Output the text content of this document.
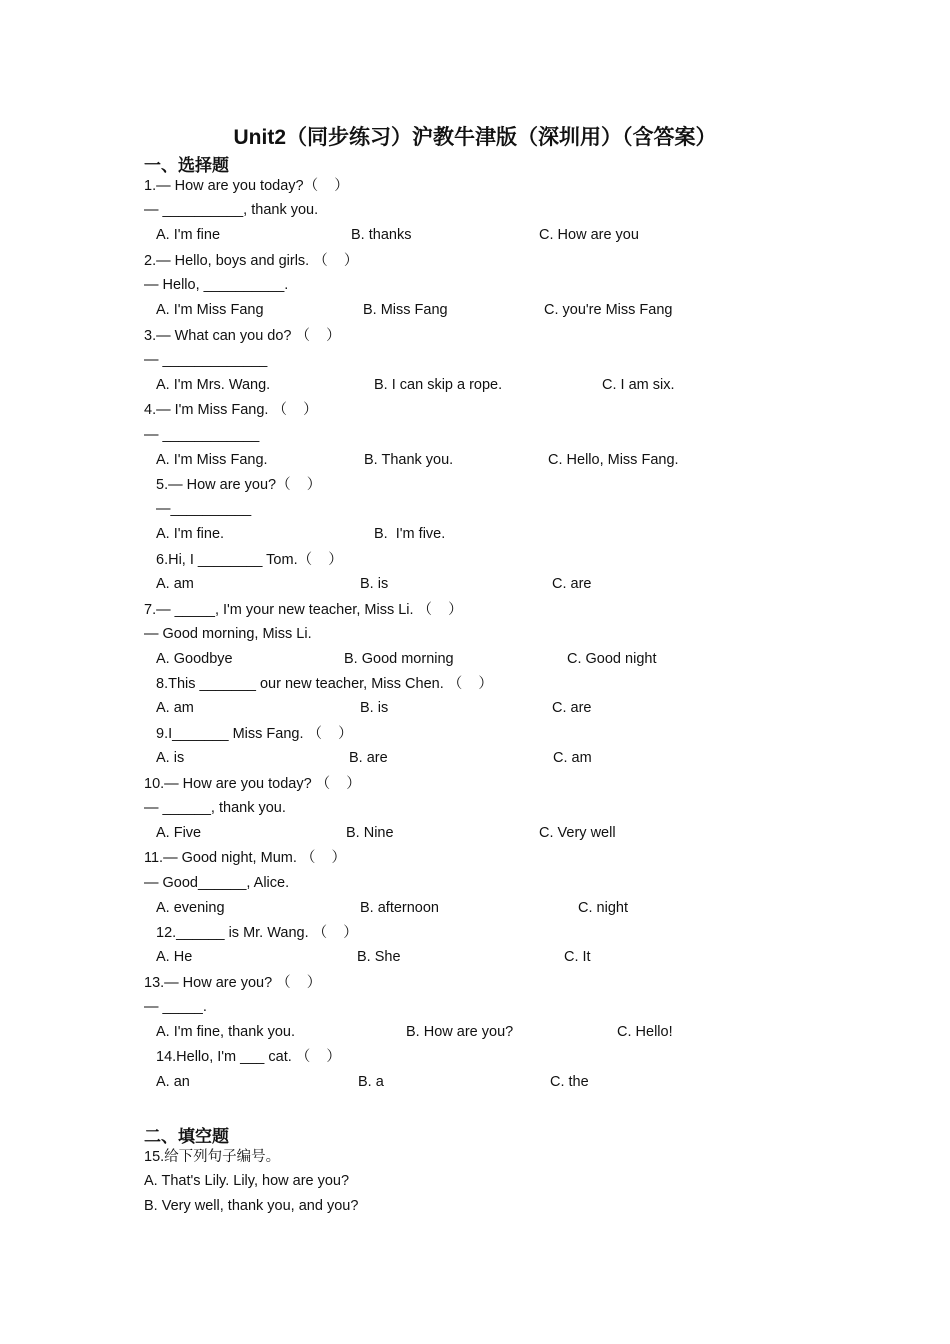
Unit2（同步练习）沪教牛津版（深圳用）（含答案）
一、选择题
1.— How are you today?（    ）
— __________, thank you.
A. I'm fine	B. thanks	C. How are you
2.— Hello, boys and girls. （    ）
— Hello, __________.
A. I'm Miss Fang	B. Miss Fang	C. you're Miss Fang
3.— What can you do? （    ）
— _____________
A. I'm Mrs. Wang.	B. I can skip a rope.	C. I am six.
4.— I'm Miss Fang. （    ）
— ____________
A. I'm Miss Fang.	B. Thank you.	C. Hello, Miss Fang.
5.— How are you?（    ）
—__________
A. I'm fine.	B.  I'm five.
6.Hi, I ________ Tom.（    ）
A. am	B. is	C. are
7.— _____, I'm your new teacher, Miss Li. （    ）
— Good morning, Miss Li.
A. Goodbye	B. Good morning	C. Good night
8.This _______ our new teacher, Miss Chen. （    ）
A. am	B. is	C. are
9.I_______ Miss Fang. （    ）
A. is	B. are	C. am
10.— How are you today? （    ）
— ______, thank you.
A. Five	B. Nine	C. Very well
11.— Good night, Mum. （    ）
— Good______, Alice.
A. evening	B. afternoon	C. night
12.______ is Mr. Wang. （    ）
A. He	B. She	C. It
13.— How are you? （    ）
— _____.
A. I'm fine, thank you.	B. How are you?	C. Hello!
14.Hello, I'm ___ cat. （    ）
A. an	B. a	C. the
二、填空题
15.给下列句子编号。
A. That's Lily. Lily, how are you?
B. Very well, thank you, and you?
